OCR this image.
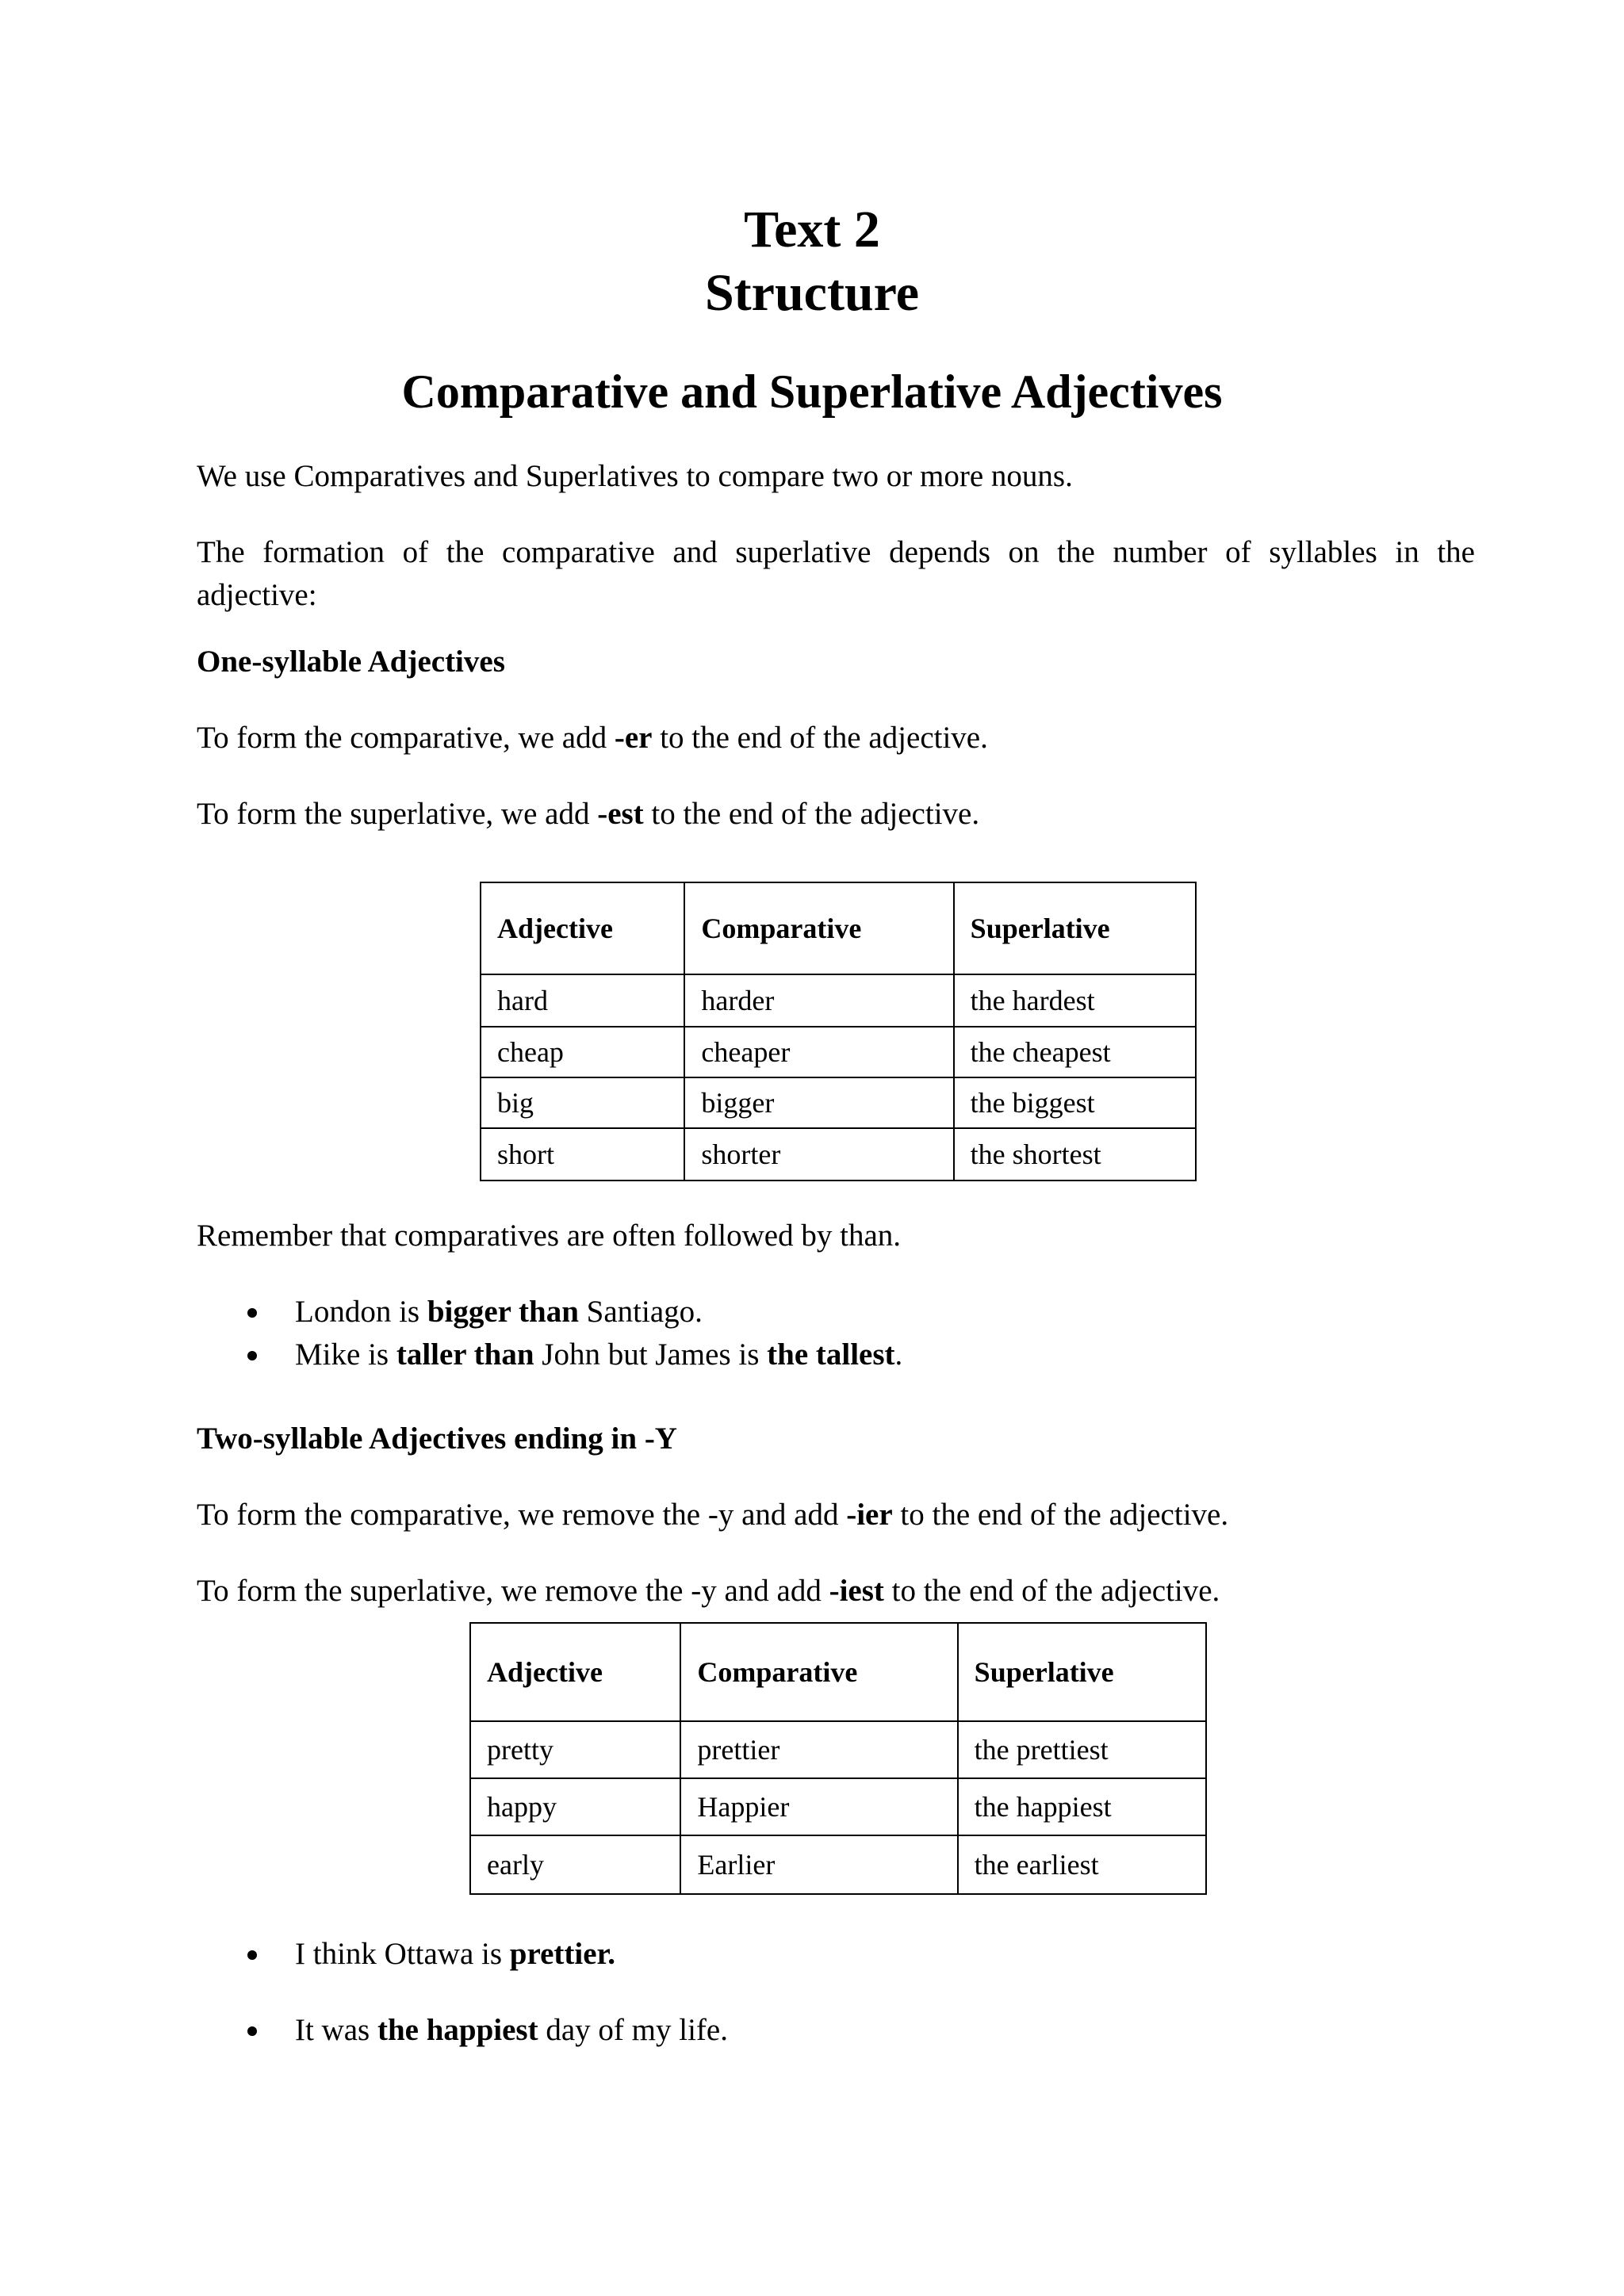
Text 2
Structure
Comparative and Superlative Adjectives
We use Comparatives and Superlatives to compare two or more nouns.
The formation of the comparative and superlative depends on the number of syllables in the
adjective:
One-syllable Adjectives
To form the comparative, we add -er to the end of the adjective.
To form the superlative, we add -est to the end of the adjective.
Adjective	Comparative	Superlative
hard	harder	the hardest
cheap	cheaper	the cheapest
big	bigger	the biggest
short	shorter	the shortest
Remember that comparatives are often followed by than.
London is bigger than Santiago.
Mike is taller than John but James is the tallest.
Two-syllable Adjectives ending in -Y
To form the comparative, we remove the -y and add -ier to the end of the adjective.
To form the superlative, we remove the -y and add -iest to the end of the adjective.
Adjective	Comparative	Superlative
pretty	prettier	the prettiest
happy	Happier	the happiest
early	Earlier	the earliest
I think Ottawa is prettier.
It was the happiest day of my life.
